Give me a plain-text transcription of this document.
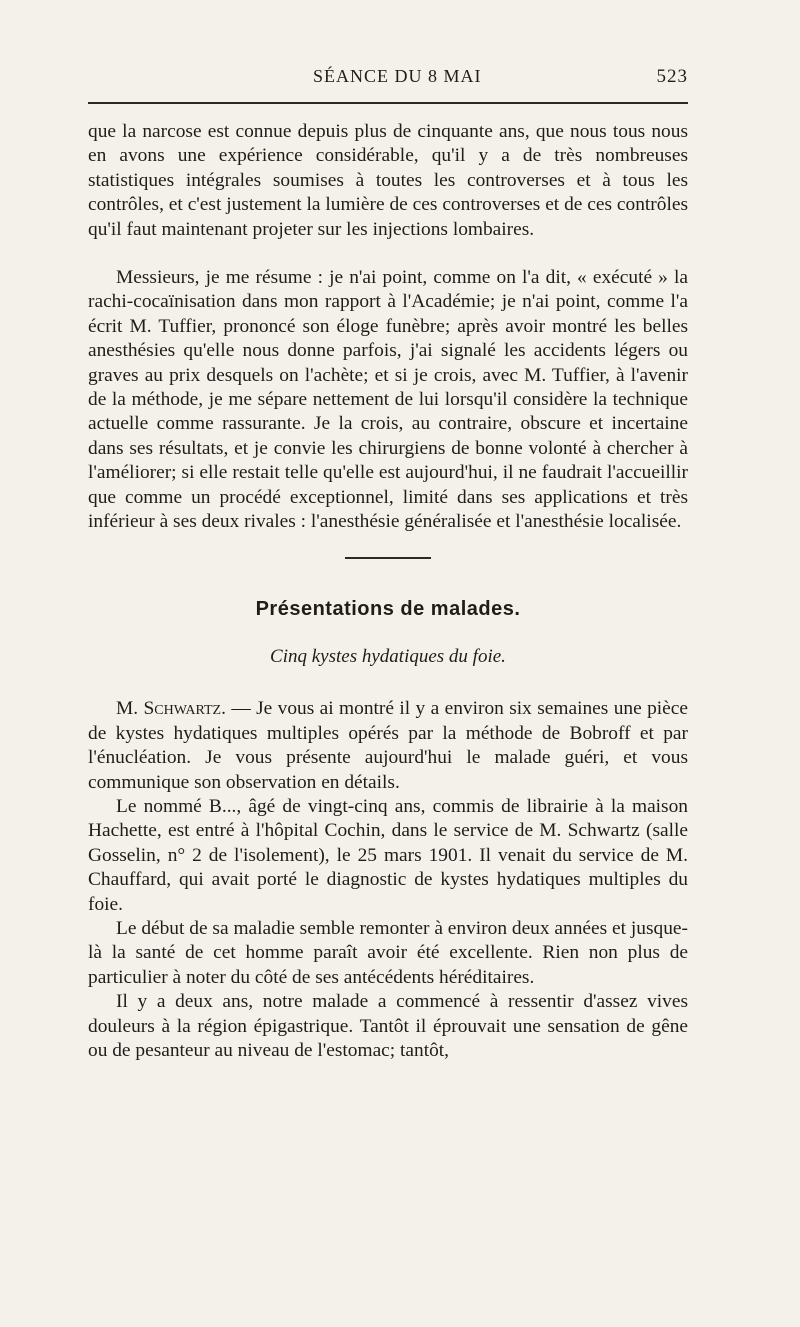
SÉANCE DU 8 MAI	523

que la narcose est connue depuis plus de cinquante ans, que nous tous nous en avons une expérience considérable, qu'il y a de très nombreuses statistiques intégrales soumises à toutes les controverses et à tous les contrôles, et c'est justement la lumière de ces controverses et de ces contrôles qu'il faut maintenant projeter sur les injections lombaires.

Messieurs, je me résume : je n'ai point, comme on l'a dit, « exécuté » la rachi-cocaïnisation dans mon rapport à l'Académie; je n'ai point, comme l'a écrit M. Tuffier, prononcé son éloge funèbre; après avoir montré les belles anesthésies qu'elle nous donne parfois, j'ai signalé les accidents légers ou graves au prix desquels on l'achète; et si je crois, avec M. Tuffier, à l'avenir de la méthode, je me sépare nettement de lui lorsqu'il considère la technique actuelle comme rassurante. Je la crois, au contraire, obscure et incertaine dans ses résultats, et je convie les chirurgiens de bonne volonté à chercher à l'améliorer; si elle restait telle qu'elle est aujourd'hui, il ne faudrait l'accueillir que comme un procédé exceptionnel, limité dans ses applications et très inférieur à ses deux rivales : l'anesthésie généralisée et l'anesthésie localisée.

Présentations de malades.
Cinq kystes hydatiques du foie.

M. Schwartz. — Je vous ai montré il y a environ six semaines une pièce de kystes hydatiques multiples opérés par la méthode de Bobroff et par l'énucléation. Je vous présente aujourd'hui le malade guéri, et vous communique son observation en détails.

Le nommé B..., âgé de vingt-cinq ans, commis de librairie à la maison Hachette, est entré à l'hôpital Cochin, dans le service de M. Schwartz (salle Gosselin, n° 2 de l'isolement), le 25 mars 1901. Il venait du service de M. Chauffard, qui avait porté le diagnostic de kystes hydatiques multiples du foie.

Le début de sa maladie semble remonter à environ deux années et jusque-là la santé de cet homme paraît avoir été excellente. Rien non plus de particulier à noter du côté de ses antécédents héréditaires.

Il y a deux ans, notre malade a commencé à ressentir d'assez vives douleurs à la région épigastrique. Tantôt il éprouvait une sensation de gêne ou de pesanteur au niveau de l'estomac; tantôt,
